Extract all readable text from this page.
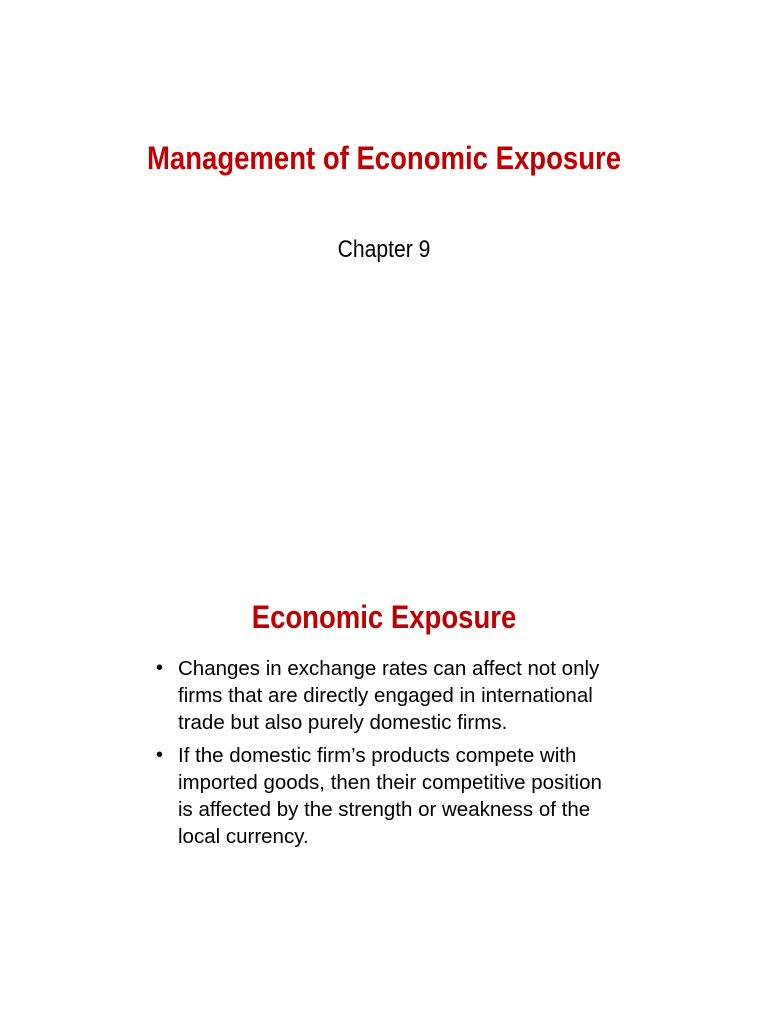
Management of Economic Exposure
Chapter 9
Economic Exposure
• Changes in exchange rates can affect not only firms that are directly engaged in international trade but also purely domestic firms.
• If the domestic firm’s products compete with imported goods, then their competitive position is affected by the strength or weakness of the local currency.
